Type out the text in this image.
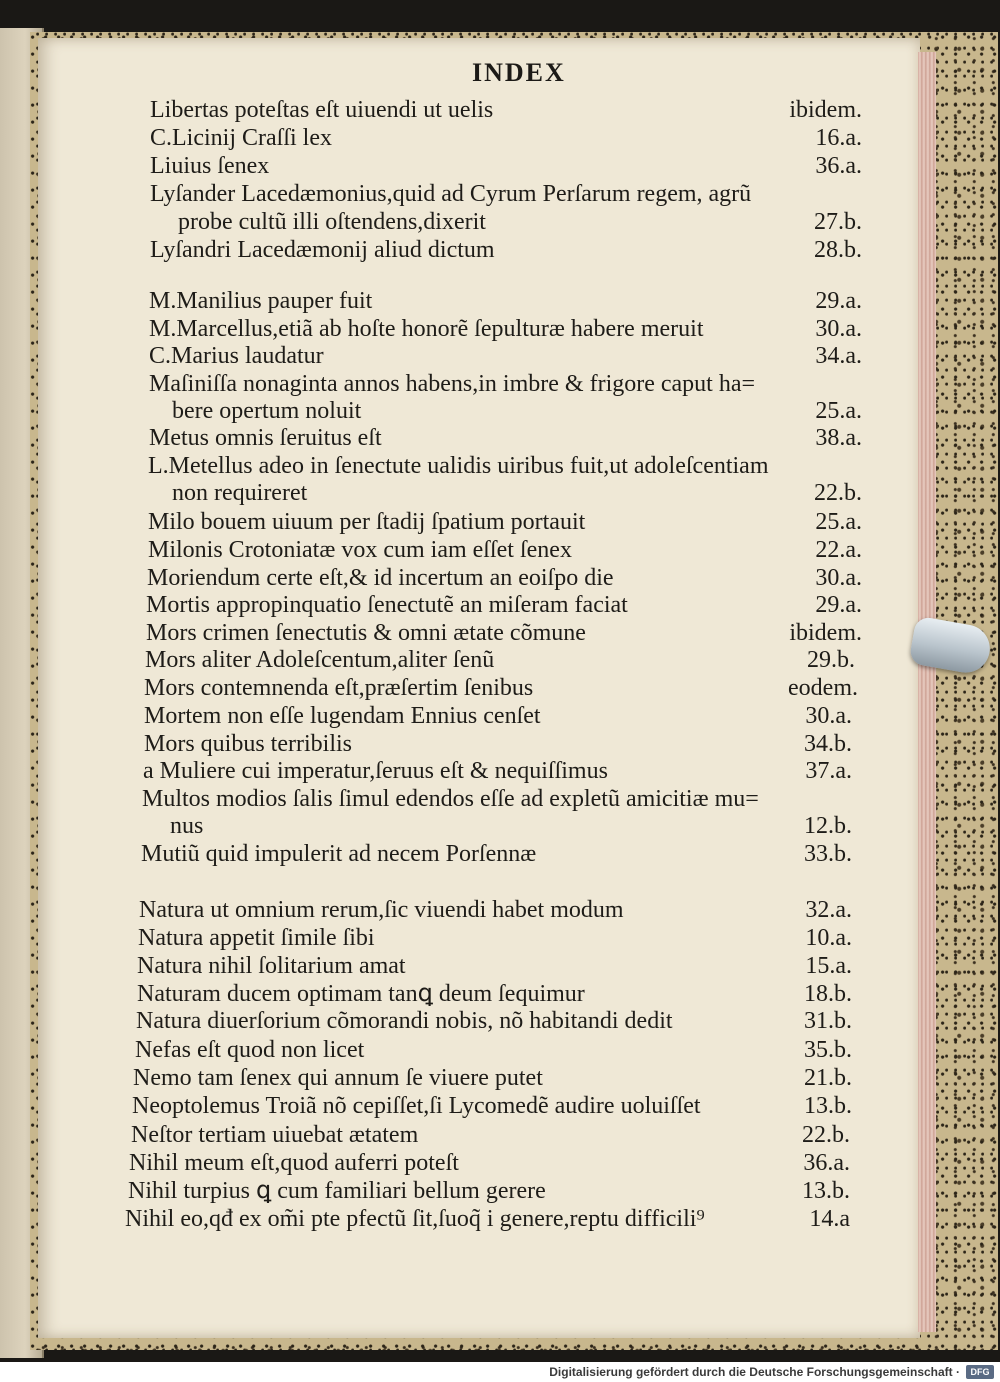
INDEX
Libertas poteſtas eſt uiuendi ut uelis	ibidem.
C.Licinij Craſſi lex	16.a.
Liuius ſenex	36.a.
Lyſander Lacedæmonius,quid ad Cyrum Perſarum regem, agrũ
probe cultũ illi oſtendens,dixerit	27.b.
Lyſandri Lacedæmonij aliud dictum	28.b.
M.Manilius pauper fuit	29.a.
M.Marcellus,etiã ab hoſte honorẽ ſepulturæ habere meruit	30.a.
C.Marius laudatur	34.a.
Maſiniſſa nonaginta annos habens,in imbre & frigore caput ha=
bere opertum noluit	25.a.
Metus omnis ſeruitus eſt	38.a.
L.Metellus adeo in ſenectute ualidis uiribus fuit,ut adoleſcentiam
non requireret	22.b.
Milo bouem uiuum per ſtadij ſpatium portauit	25.a.
Milonis Crotoniatæ vox cum iam eſſet ſenex	22.a.
Moriendum certe eſt,& id incertum an eoiſpo die	30.a.
Mortis appropinquatio ſenectutẽ an miſeram faciat	29.a.
Mors crimen ſenectutis & omni ætate cõmune	ibidem.
Mors aliter Adoleſcentum,aliter ſenũ	29.b.
Mors contemnenda eſt,præſertim ſenibus	eodem.
Mortem non eſſe lugendam Ennius cenſet	30.a.
Mors quibus terribilis	34.b.
a Muliere cui imperatur,ſeruus eſt & nequiſſimus	37.a.
Multos modios ſalis ſimul edendos eſſe ad expletũ amicitiæ mu=
nus	12.b.
Mutiũ quid impulerit ad necem Porſennæ	33.b.
Natura ut omnium rerum,ſic viuendi habet modum	32.a.
Natura appetit ſimile ſibi	10.a.
Natura nihil ſolitarium amat	15.a.
Naturam ducem optimam tanꝗ deum ſequimur	18.b.
Natura diuerſorium cõmorandi nobis, nõ habitandi dedit	31.b.
Nefas eſt quod non licet	35.b.
Nemo tam ſenex qui annum ſe viuere putet	21.b.
Neoptolemus Troiã nõ cepiſſet,ſi Lycomedẽ audire uoluiſſet	13.b.
Neſtor tertiam uiuebat ætatem	22.b.
Nihil meum eſt,quod auferri poteſt	36.a.
Nihil turpius ꝗ cum familiari bellum gerere	13.b.
Nihil eo,qđ ex om̃i pte pfectũ ſit,ſuoq̃ i genere,reptu difficili⁹	14.a
Digitalisierung gefördert durch die Deutsche Forschungsgemeinschaft ·	DFG
